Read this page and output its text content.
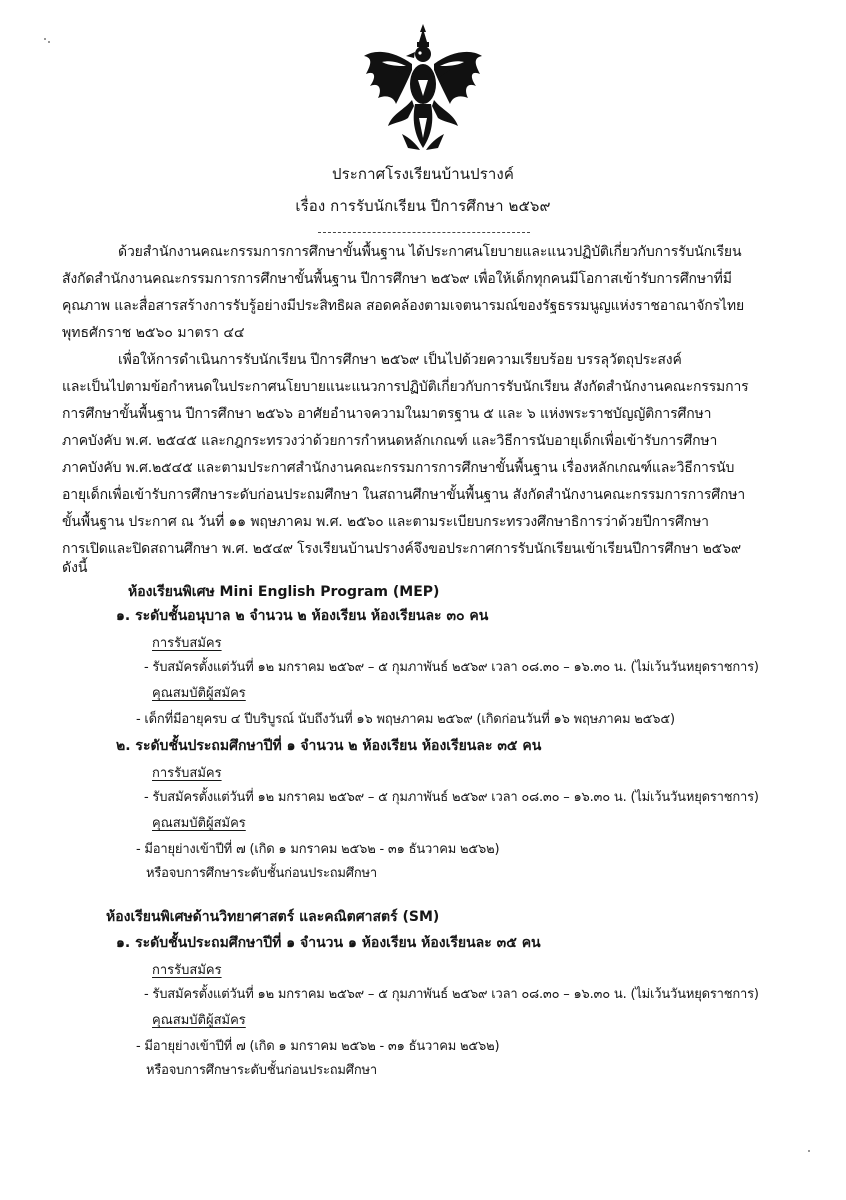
ประกาศโรงเรียนบ้านปรางค์
เรื่อง การรับนักเรียน ปีการศึกษา ๒๕๖๙
ด้วยสำนักงานคณะกรรมการการศึกษาขั้นพื้นฐาน ได้ประกาศนโยบายและแนวปฏิบัติเกี่ยวกับการรับนักเรียน
สังกัดสำนักงานคณะกรรมการการศึกษาขั้นพื้นฐาน ปีการศึกษา ๒๕๖๙ เพื่อให้เด็กทุกคนมีโอกาสเข้ารับการศึกษาที่มี
คุณภาพ และสื่อสารสร้างการรับรู้อย่างมีประสิทธิผล สอดคล้องตามเจตนารมณ์ของรัฐธรรมนูญแห่งราชอาณาจักรไทย
พุทธศักราช ๒๕๖๐ มาตรา ๔๔
เพื่อให้การดำเนินการรับนักเรียน ปีการศึกษา ๒๕๖๙ เป็นไปด้วยความเรียบร้อย บรรลุวัตถุประสงค์
และเป็นไปตามข้อกำหนดในประกาศนโยบายแนะแนวการปฏิบัติเกี่ยวกับการรับนักเรียน สังกัดสำนักงานคณะกรรมการ
การศึกษาขั้นพื้นฐาน ปีการศึกษา ๒๕๖๖ อาศัยอำนาจความในมาตรฐาน ๕ และ ๖ แห่งพระราชบัญญัติการศึกษา
ภาคบังคับ พ.ศ. ๒๕๔๕ และกฎกระทรวงว่าด้วยการกำหนดหลักเกณฑ์ และวิธีการนับอายุเด็กเพื่อเข้ารับการศึกษา
ภาคบังคับ พ.ศ.๒๕๔๕ และตามประกาศสำนักงานคณะกรรมการการศึกษาขั้นพื้นฐาน เรื่องหลักเกณฑ์และวิธีการนับ
อายุเด็กเพื่อเข้ารับการศึกษาระดับก่อนประถมศึกษา ในสถานศึกษาขั้นพื้นฐาน สังกัดสำนักงานคณะกรรมการการศึกษา
ขั้นพื้นฐาน ประกาศ ณ วันที่ ๑๑ พฤษภาคม พ.ศ. ๒๕๖๐ และตามระเบียบกระทรวงศึกษาธิการว่าด้วยปีการศึกษา
การเปิดและปิดสถานศึกษา พ.ศ. ๒๕๔๙ โรงเรียนบ้านปรางค์จึงขอประกาศการรับนักเรียนเข้าเรียนปีการศึกษา ๒๕๖๙
ดังนี้
ห้องเรียนพิเศษ Mini English Program (MEP)
๑. ระดับชั้นอนุบาล ๒ จำนวน ๒ ห้องเรียน ห้องเรียนละ ๓๐ คน
การรับสมัคร
- รับสมัครตั้งแต่วันที่ ๑๒ มกราคม ๒๕๖๙ – ๕ กุมภาพันธ์ ๒๕๖๙ เวลา ๐๘.๓๐ – ๑๖.๓๐ น. (ไม่เว้นวันหยุดราชการ)
คุณสมบัติผู้สมัคร
- เด็กที่มีอายุครบ ๔ ปีบริบูรณ์ นับถึงวันที่ ๑๖ พฤษภาคม ๒๕๖๙ (เกิดก่อนวันที่ ๑๖ พฤษภาคม ๒๕๖๕)
๒. ระดับชั้นประถมศึกษาปีที่ ๑ จำนวน ๒ ห้องเรียน ห้องเรียนละ ๓๕ คน
การรับสมัคร
- รับสมัครตั้งแต่วันที่ ๑๒ มกราคม ๒๕๖๙ – ๕ กุมภาพันธ์ ๒๕๖๙ เวลา ๐๘.๓๐ – ๑๖.๓๐ น. (ไม่เว้นวันหยุดราชการ)
คุณสมบัติผู้สมัคร
- มีอายุย่างเข้าปีที่ ๗ (เกิด ๑ มกราคม ๒๕๖๒ - ๓๑ ธันวาคม ๒๕๖๒)
หรือจบการศึกษาระดับชั้นก่อนประถมศึกษา
ห้องเรียนพิเศษด้านวิทยาศาสตร์ และคณิตศาสตร์ (SM)
๑. ระดับชั้นประถมศึกษาปีที่ ๑ จำนวน ๑ ห้องเรียน ห้องเรียนละ ๓๕ คน
การรับสมัคร
- รับสมัครตั้งแต่วันที่ ๑๒ มกราคม ๒๕๖๙ – ๕ กุมภาพันธ์ ๒๕๖๙ เวลา ๐๘.๓๐ – ๑๖.๓๐ น. (ไม่เว้นวันหยุดราชการ)
คุณสมบัติผู้สมัคร
- มีอายุย่างเข้าปีที่ ๗ (เกิด ๑ มกราคม ๒๕๖๒ - ๓๑ ธันวาคม ๒๕๖๒)
หรือจบการศึกษาระดับชั้นก่อนประถมศึกษา
